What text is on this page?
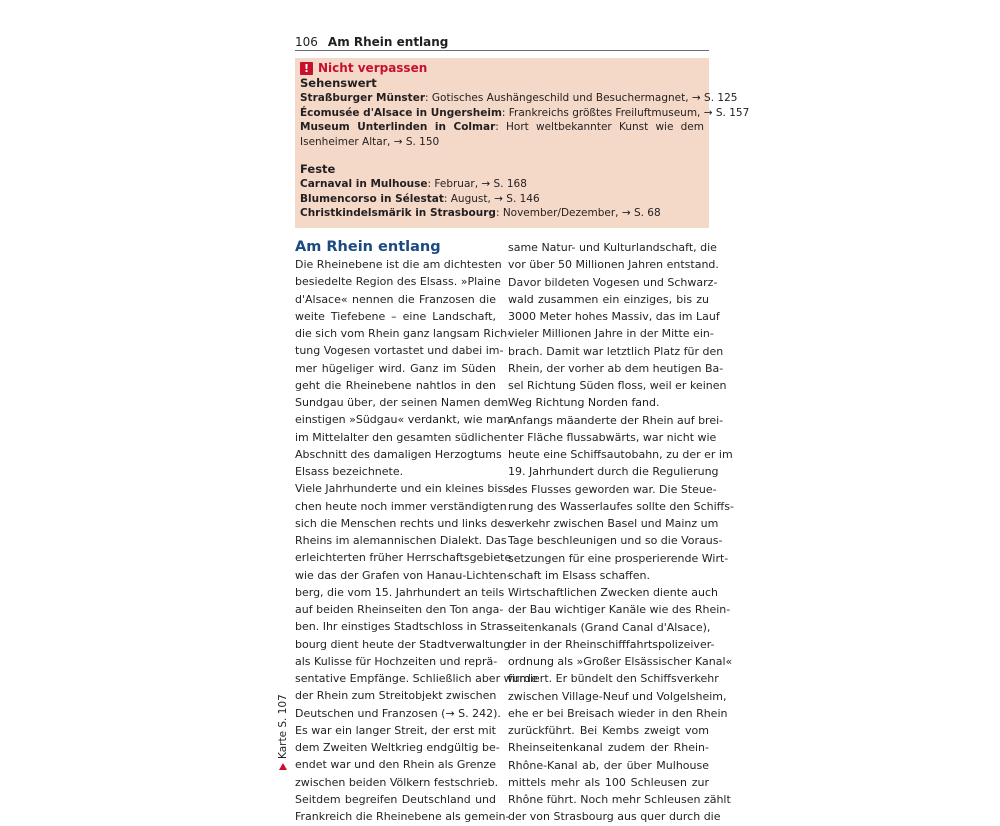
106 Am Rhein entlang
! Nicht verpassen
Sehenswert
Straßburger Münster: Gotisches Aushängeschild und Besuchermagnet, → S. 125
Écomusée d'Alsace in Ungersheim: Frankreichs größtes Freiluftmuseum, → S. 157
Museum Unterlinden in Colmar: Hort weltbekannter Kunst wie dem Isenheimer Altar, → S. 150
Feste
Carnaval in Mulhouse: Februar, → S. 168
Blumencorso in Sélestat: August, → S. 146
Christkindelsmärik in Strasbourg: November/Dezember, → S. 68
Am Rhein entlang
Die Rheinebene ist die am dichtesten
besiedelte Region des Elsass. »Plaine
d'Alsace« nennen die Franzosen die
weite Tiefebene – eine Landschaft,
die sich vom Rhein ganz langsam Rich-
tung Vogesen vortastet und dabei im-
mer hügeliger wird. Ganz im Süden
geht die Rheinebene nahtlos in den
Sundgau über, der seinen Namen dem
einstigen »Südgau« verdankt, wie man
im Mittelalter den gesamten südlichen
Abschnitt des damaligen Herzogtums
Elsass bezeichnete.
Viele Jahrhunderte und ein kleines biss-
chen heute noch immer verständigten
sich die Menschen rechts und links des
Rheins im alemannischen Dialekt. Das
erleichterten früher Herrschaftsgebiete
wie das der Grafen von Hanau-Lichten-
berg, die vom 15. Jahrhundert an teils
auf beiden Rheinseiten den Ton anga-
ben. Ihr einstiges Stadtschloss in Stras-
bourg dient heute der Stadtverwaltung
als Kulisse für Hochzeiten und reprä-
sentative Empfänge. Schließlich aber wurde
der Rhein zum Streitobjekt zwischen
Deutschen und Franzosen (→ S. 242).
Es war ein langer Streit, der erst mit
dem Zweiten Weltkrieg endgültig be-
endet war und den Rhein als Grenze
zwischen beiden Völkern festschrieb.
Seitdem begreifen Deutschland und
Frankreich die Rheinebene als gemein-
same Natur- und Kulturlandschaft, die
vor über 50 Millionen Jahren entstand.
Davor bildeten Vogesen und Schwarz-
wald zusammen ein einziges, bis zu
3000 Meter hohes Massiv, das im Lauf
vieler Millionen Jahre in der Mitte ein-
brach. Damit war letztlich Platz für den
Rhein, der vorher ab dem heutigen Ba-
sel Richtung Süden floss, weil er keinen
Weg Richtung Norden fand.
Anfangs mäanderte der Rhein auf brei-
ter Fläche flussabwärts, war nicht wie
heute eine Schiffsautobahn, zu der er im
19. Jahrhundert durch die Regulierung
des Flusses geworden war. Die Steue-
rung des Wasserlaufes sollte den Schiffs-
verkehr zwischen Basel und Mainz um
Tage beschleunigen und so die Voraus-
setzungen für eine prosperierende Wirt-
schaft im Elsass schaffen.
Wirtschaftlichen Zwecken diente auch
der Bau wichtiger Kanäle wie des Rhein-
seitenkanals (Grand Canal d'Alsace),
der in der Rheinschifffahrtspolizeiver-
ordnung als »Großer Elsässischer Kanal«
firmiert. Er bündelt den Schiffsverkehr
zwischen Village-Neuf und Volgelsheim,
ehe er bei Breisach wieder in den Rhein
zurückführt. Bei Kembs zweigt vom
Rheinseitenkanal zudem der Rhein-
Rhône-Kanal ab, der über Mulhouse
mittels mehr als 100 Schleusen zur
Rhône führt. Noch mehr Schleusen zählt
der von Strasbourg aus quer durch die
Karte S. 107
